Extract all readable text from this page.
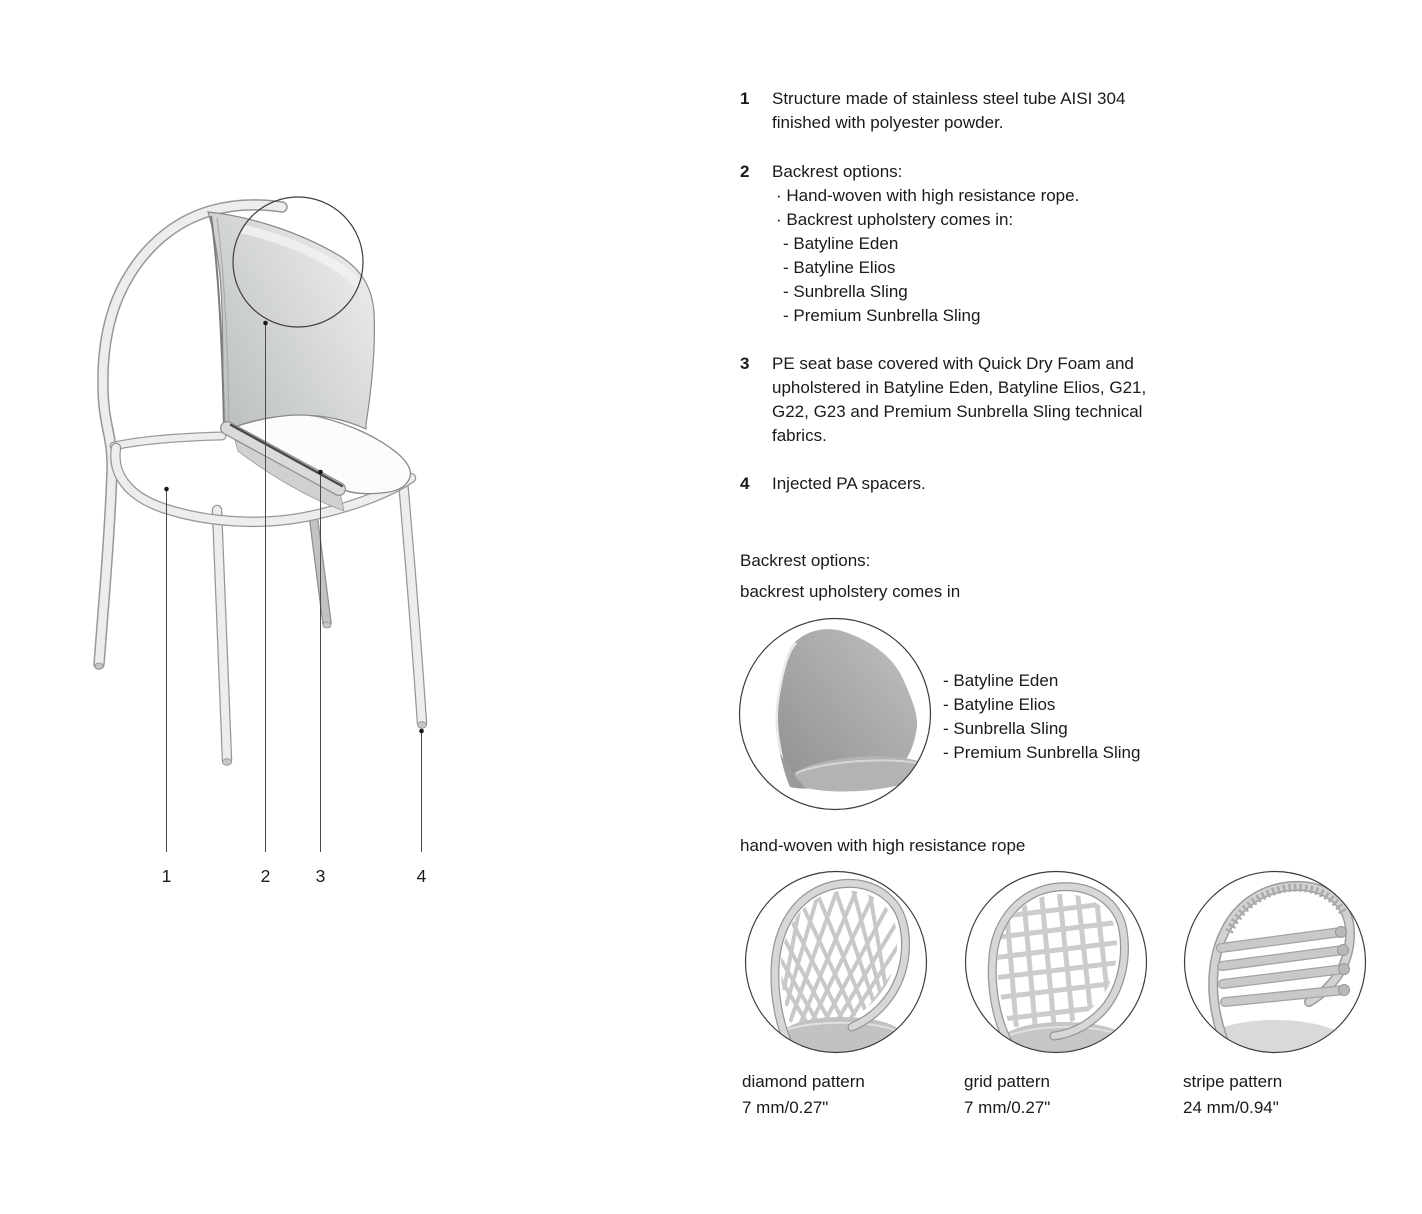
1	2	3	4
1	Structure made of stainless steel tube AISI 304
finished with polyester powder.
2	Backrest options:
· Hand-woven with high resistance rope.
· Backrest upholstery comes in:
- Batyline Eden
- Batyline Elios
- Sunbrella Sling
- Premium Sunbrella Sling
3	PE seat base covered with Quick Dry Foam and
upholstered in Batyline Eden, Batyline Elios, G21,
G22, G23 and Premium Sunbrella Sling technical
fabrics.
4	Injected PA spacers.
Backrest options:
backrest upholstery comes in
- Batyline Eden
- Batyline Elios
- Sunbrella Sling
- Premium Sunbrella Sling
hand-woven with high resistance rope
diamond pattern
7 mm/0.27"
grid pattern
7 mm/0.27"
stripe pattern
24 mm/0.94"
